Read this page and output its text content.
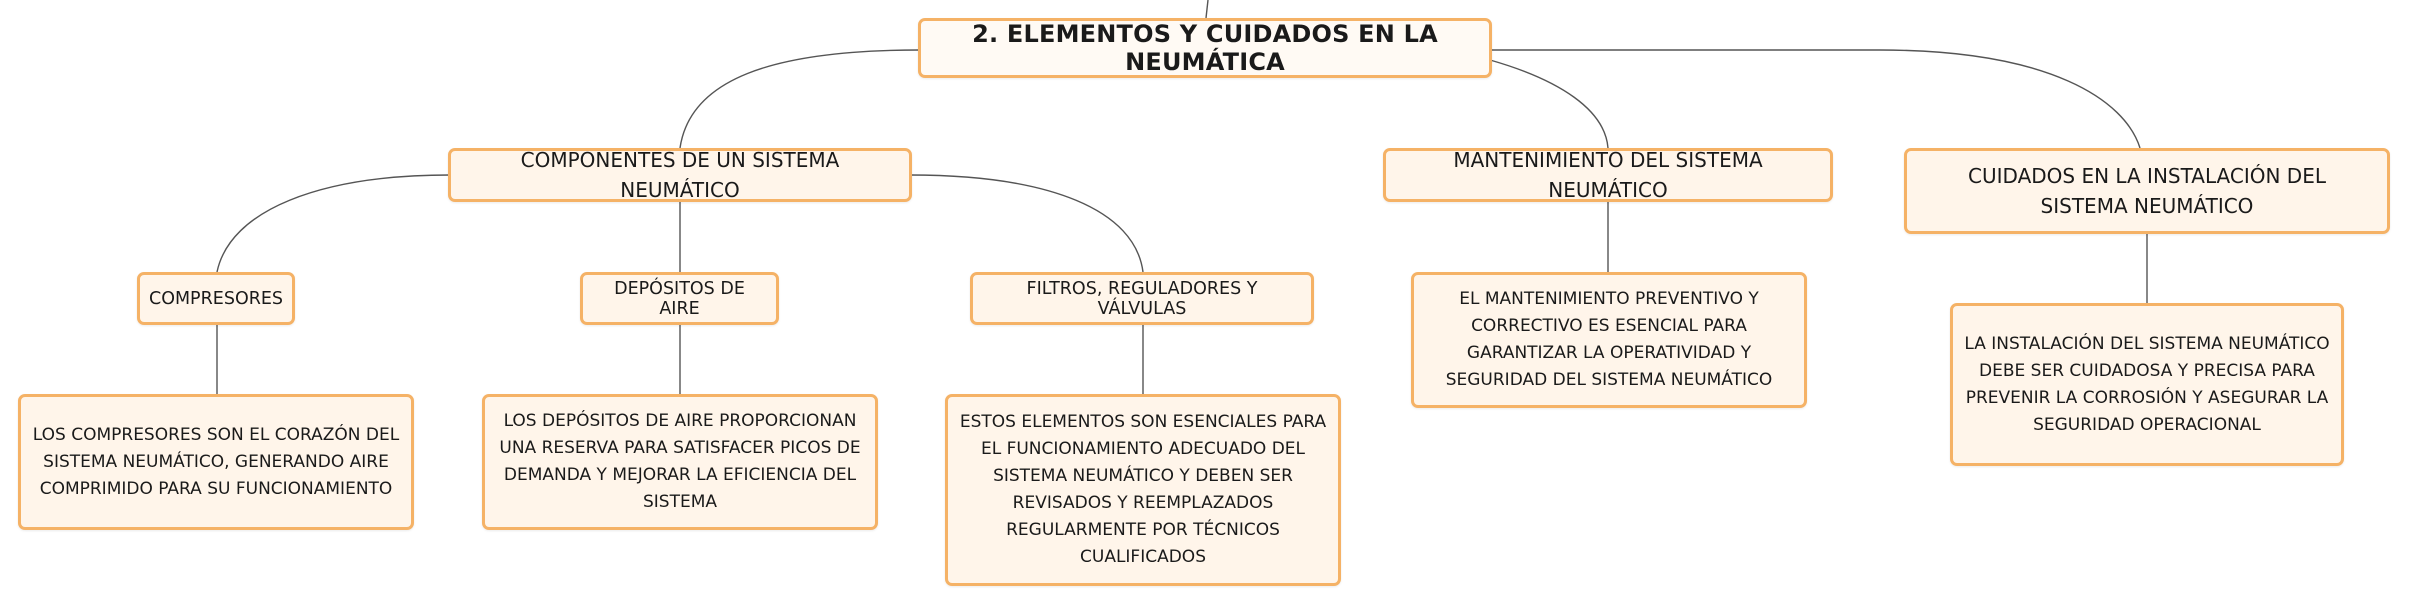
2. ELEMENTOS Y CUIDADOS EN LA NEUMÁTICA
COMPONENTES DE UN SISTEMA NEUMÁTICO
MANTENIMIENTO DEL SISTEMA NEUMÁTICO
CUIDADOS EN LA INSTALACIÓN DEL SISTEMA NEUMÁTICO
COMPRESORES	DEPÓSITOS DE AIRE
FILTROS, REGULADORES Y VÁLVULAS
LOS COMPRESORES SON EL CORAZÓN DEL SISTEMA NEUMÁTICO, GENERANDO AIRE COMPRIMIDO PARA SU FUNCIONAMIENTO
LOS DEPÓSITOS DE AIRE PROPORCIONAN UNA RESERVA PARA SATISFACER PICOS DE DEMANDA Y MEJORAR LA EFICIENCIA DEL SISTEMA
ESTOS ELEMENTOS SON ESENCIALES PARA EL FUNCIONAMIENTO ADECUADO DEL SISTEMA NEUMÁTICO Y DEBEN SER REVISADOS Y REEMPLAZADOS REGULARMENTE POR TÉCNICOS CUALIFICADOS
EL MANTENIMIENTO PREVENTIVO Y CORRECTIVO ES ESENCIAL PARA GARANTIZAR LA OPERATIVIDAD Y SEGURIDAD DEL SISTEMA NEUMÁTICO
LA INSTALACIÓN DEL SISTEMA NEUMÁTICO DEBE SER CUIDADOSA Y PRECISA PARA PREVENIR LA CORROSIÓN Y ASEGURAR LA SEGURIDAD OPERACIONAL
